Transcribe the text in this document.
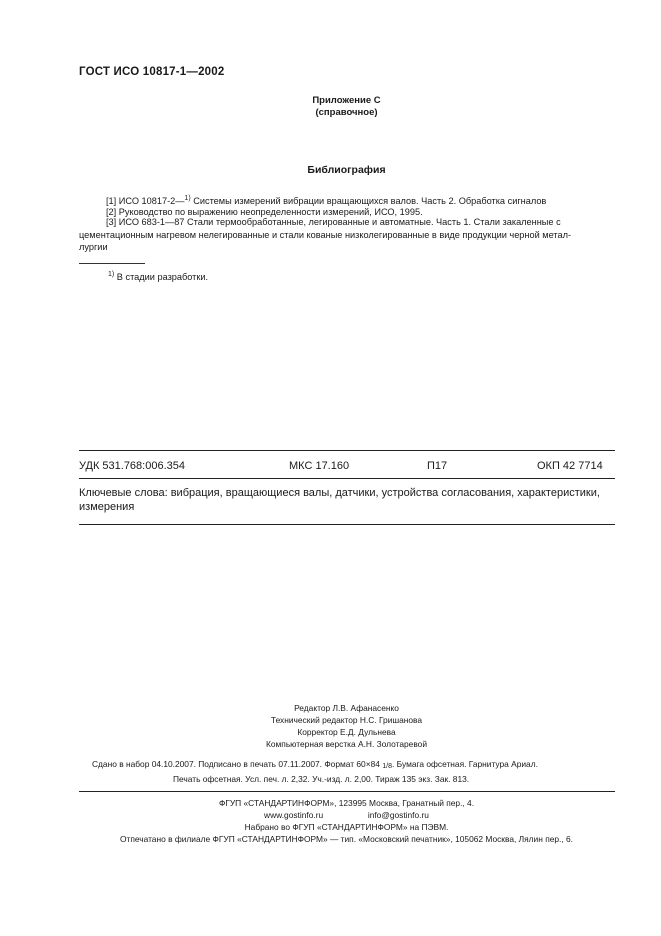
ГОСТ ИСО 10817-1—2002
Приложение С
(справочное)
Библиография
[1] ИСО 10817-2—$^{1)}$ Системы измерений вибрации вращающихся валов. Часть 2. Обработка сигналов
[2] Руководство по выражению неопределенности измерений, ИСО, 1995.
[3] ИСО 683-1—87 Стали термообработанные, легированные и автоматные. Часть 1. Стали закаленные с
цементационным нагревом нелегированные и стали кованые низколегированные в виде продукции черной метал-
лургии
$^{1)}$ В стадии разработки.
УДК 531.768:006.354	МКС 17.160	П17	ОКП 42 7714
Ключевые слова: вибрация, вращающиеся валы, датчики, устройства согласования, характеристики, измерения
Редактор Л.В. Афанасенко
Технический редактор Н.С. Гришанова
Корректор Е.Д. Дульнева
Компьютерная верстка А.Н. Золотаревой
Сдано в набор 04.10.2007. Подписано в печать 07.11.2007. Формат 60×84 1/8. Бумага офсетная. Гарнитура Ариал.
Печать офсетная. Усл. печ. л. 2,32. Уч.-изд. л. 2,00. Тираж 135 экз. Зак. 813.
ФГУП «СТАНДАРТИНФОРМ», 123995 Москва, Гранатный пер., 4.
www.gostinfo.ru	info@gostinfo.ru
Набрано во ФГУП «СТАНДАРТИНФОРМ» на ПЭВМ.
Отпечатано в филиале ФГУП «СТАНДАРТИНФОРМ» — тип. «Московский печатник», 105062 Москва, Лялин пер., 6.
